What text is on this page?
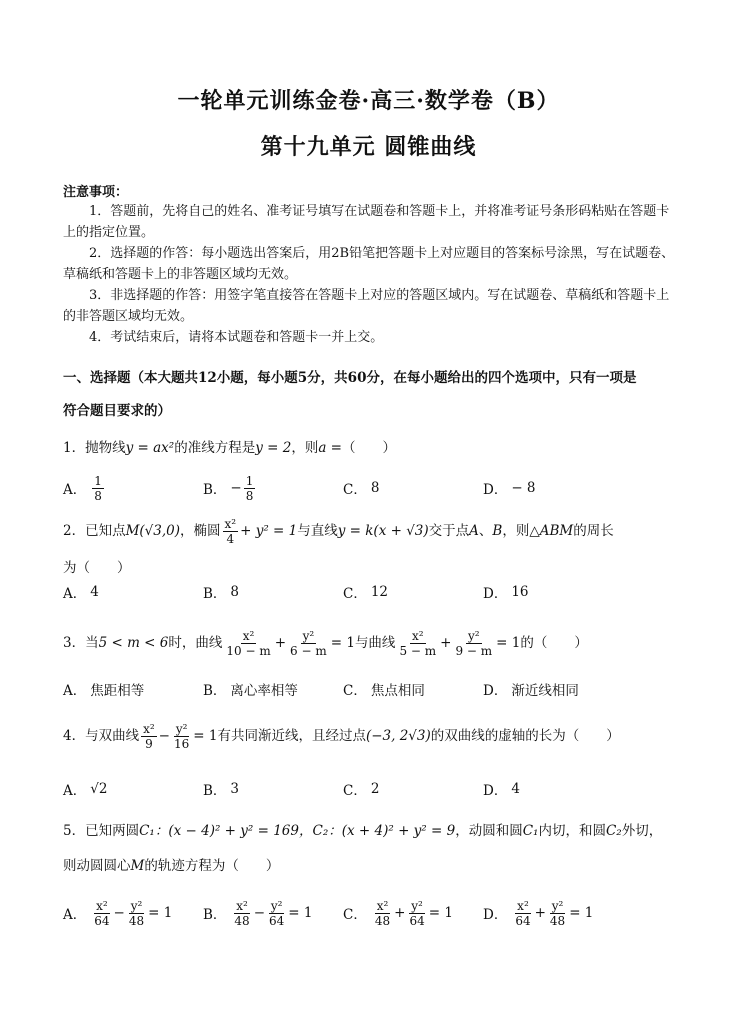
一轮单元训练金卷·高三·数学卷（B）
第十九单元 圆锥曲线
注意事项：
1．答题前，先将自己的姓名、准考证号填写在试题卷和答题卡上，并将准考证号条形码粘贴在答题卡上的指定位置。
2．选择题的作答：每小题选出答案后，用2B铅笔把答题卡上对应题目的答案标号涂黑，写在试题卷、草稿纸和答题卡上的非答题区域均无效。
3．非选择题的作答：用签字笔直接答在答题卡上对应的答题区域内。写在试题卷、草稿纸和答题卡上的非答题区域均无效。
4．考试结束后，请将本试题卷和答题卡一并上交。
一、选择题（本大题共12小题，每小题5分，共60分，在每小题给出的四个选项中，只有一项是
符合题目要求的）
1．抛物线y = ax²的准线方程是y = 2，则a =（　　）
A． $\frac{1}{8}$	B． − $\frac{1}{8}$	C． 8	D． − 8
2．已知点 M(√3,0) ，椭圆 $\frac{\text{x²}}{4} + y^2 = 1$ 与直线 y = k(x + √3) 交于点 A 、 B ，则△ ABM 的周长
为（　　）
A． 4	B． 8	C． 12	D． 16
3．当 5 < m < 6 时，曲线 $\frac{\text{x²}}{10 - m} + \frac{\text{y²}}{6 - m} = 1$ 与曲线 $\frac{\text{x²}}{5 - m} + \frac{\text{y²}}{9 - m} = 1$ 的（　　）
A． 焦距相等	B． 离心率相等	C． 焦点相同	D． 渐近线相同
4．与双曲线 $\frac{\text{x²}}{9} - \frac{\text{y²}}{16} = 1$ 有共同渐近线，且经过点 (−3, 2√3) 的双曲线的虚轴的长为（　　）
A． √2	B． 3	C． 2	D． 4
5．已知两圆C₁：(x − 4)² + y² = 169，C₂：(x + 4)² + y² = 9，动圆和圆C₁内切，和圆C₂外切，
则动圆圆心M的轨迹方程为（　　）
A． $\frac{\text{x²}}{64} - \frac{\text{y²}}{48} = 1$ B． $\frac{\text{x²}}{48} - \frac{\text{y²}}{64} = 1$ C． $\frac{\text{x²}}{48} + \frac{\text{y²}}{64} = 1$ D． $\frac{\text{x²}}{64} + \frac{\text{y²}}{48} = 1$
